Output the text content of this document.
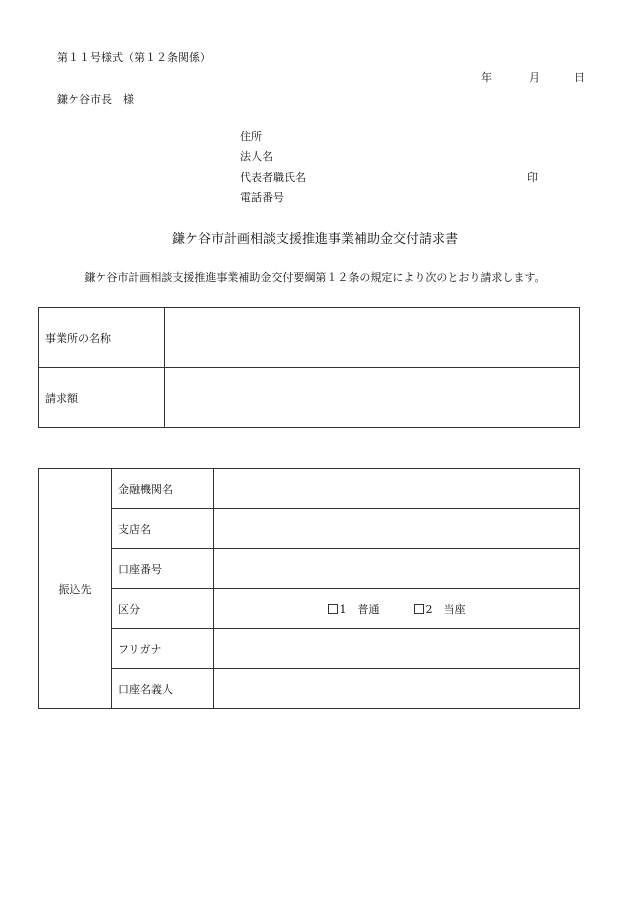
第１１号様式（第１２条関係）
年	月	日
鎌ケ谷市長　様
住所
法人名
代表者職氏名	印
電話番号
鎌ケ谷市計画相談支援推進事業補助金交付請求書
鎌ケ谷市計画相談支援推進事業補助金交付要綱第１２条の規定により次のとおり請求します。
事業所の名称	
請求額	
振込先	金融機関名	
	支店名	
	口座番号	
	区分	1　普通 2　当座
	フリガナ	
	口座名義人	
